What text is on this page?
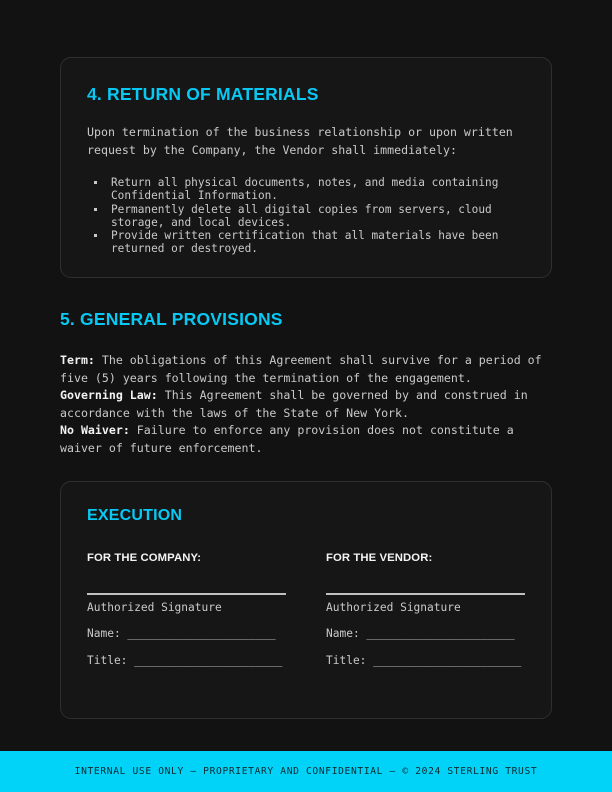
4. RETURN OF MATERIALS

Upon termination of the business relationship or upon written request by the Company, the Vendor shall immediately:

Return all physical documents, notes, and media containing Confidential Information.
Permanently delete all digital copies from servers, cloud storage, and local devices.
Provide written certification that all materials have been returned or destroyed.
5. GENERAL PROVISIONS

Term: The obligations of this Agreement shall survive for a period of five (5) years following the termination of the engagement.

Governing Law: This Agreement shall be governed by and construed in accordance with the laws of the State of New York.

No Waiver: Failure to enforce any provision does not constitute a waiver of future enforcement.

EXECUTION
FOR THE COMPANY:
Authorized Signature
Name: ______________________
Title: ______________________
FOR THE VENDOR:
Authorized Signature
Name: ______________________
Title: ______________________
INTERNAL USE ONLY — PROPRIETARY AND CONFIDENTIAL — © 2024 STERLING TRUST
